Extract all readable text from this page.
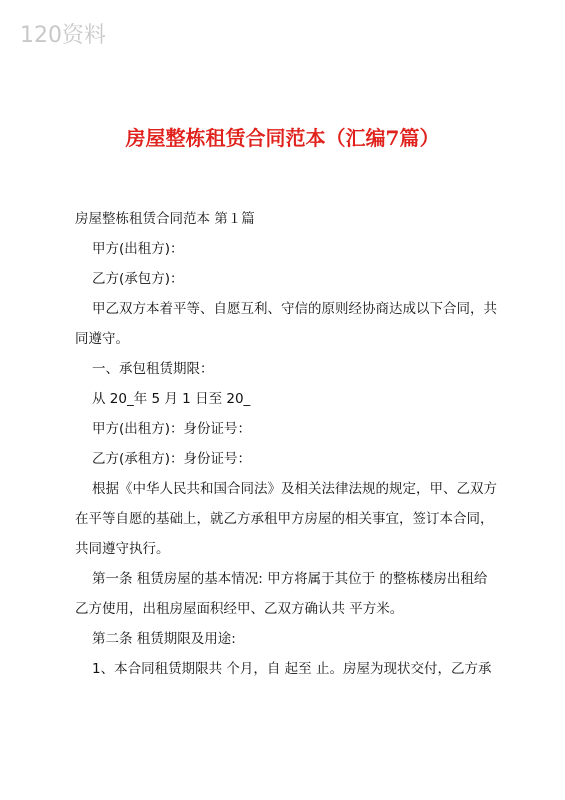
120资料
房屋整栋租赁合同范本（汇编7篇）

房屋整栋租赁合同范本 第１篇

甲方(出租方)：

乙方(承包方)：

甲乙双方本着平等、自愿互利、守信的原则经协商达成以下合同，共同遵守。

一、承包租赁期限：

从 20_年 5 月 1 日至 20_

甲方(出租方)：身份证号：

乙方(承租方)：身份证号：

根据《中华人民共和国合同法》及相关法律法规的规定，甲、乙双方在平等自愿的基础上，就乙方承租甲方房屋的相关事宜，签订本合同，共同遵守执行。

第一条 租赁房屋的基本情况: 甲方将属于其位于 的整栋楼房出租给乙方使用，出租房屋面积经甲、乙双方确认共 平方米。

第二条 租赁期限及用途:

1、本合同租赁期限共 个月，自 起至 止。房屋为现状交付，乙方承
